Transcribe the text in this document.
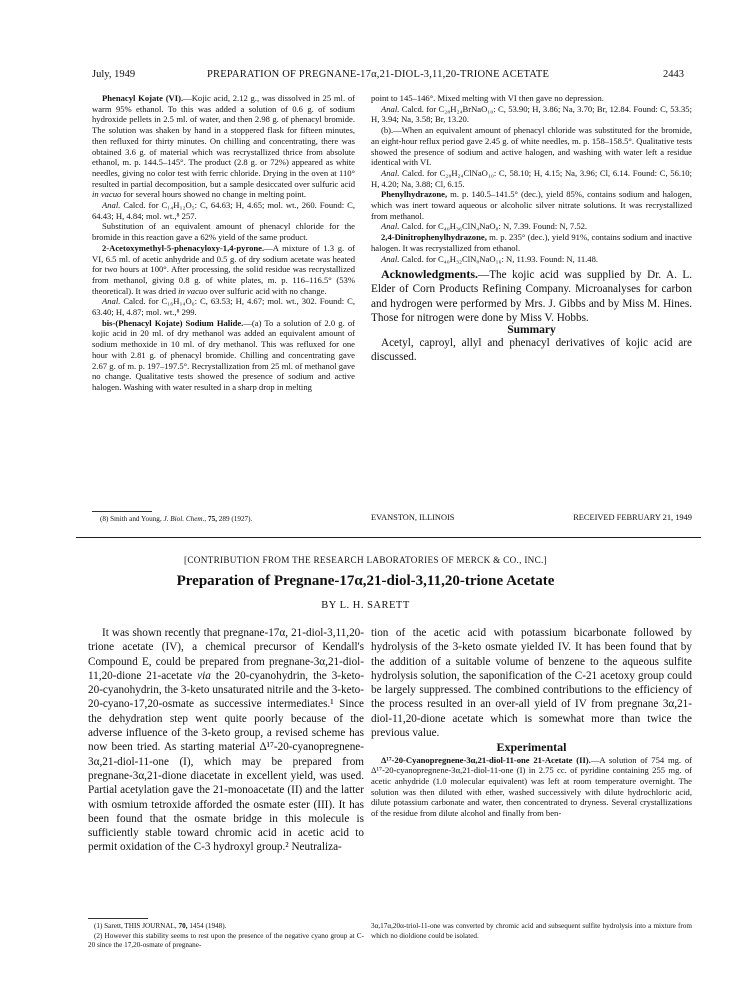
July, 1949	PREPARATION OF PREGNANE-17α,21-DIOL-3,11,20-TRIONE ACETATE	2443

Phenacyl Kojate (VI).—Kojic acid, 2.12 g., was dissolved in 25 ml. of warm 95% ethanol. To this was added a solution of 0.6 g. of sodium hydroxide pellets in 2.5 ml. of water, and then 2.98 g. of phenacyl bromide. The solution was shaken by hand in a stoppered flask for fifteen minutes, then refluxed for thirty minutes. On chilling and concentrating, there was obtained 3.6 g. of material which was recrystallized thrice from absolute ethanol, m. p. 144.5–145°. The product (2.8 g. or 72%) appeared as white needles, giving no color test with ferric chloride. Drying in the oven at 110° resulted in partial decomposition, but a sample desiccated over sulfuric acid in vacuo for several hours showed no change in melting point.

Anal. Calcd. for C₁₄H₁₂O₅: C, 64.63; H, 4.65; mol. wt., 260. Found: C, 64.43; H, 4.84; mol. wt.,⁸ 257.

Substitution of an equivalent amount of phenacyl chloride for the bromide in this reaction gave a 62% yield of the same product.

2-Acetoxymethyl-5-phenacyloxy-1,4-pyrone.—A mixture of 1.3 g. of VI, 6.5 ml. of acetic anhydride and 0.5 g. of dry sodium acetate was heated for two hours at 100°. After processing, the solid residue was recrystallized from methanol, giving 0.8 g. of white plates, m. p. 116–116.5° (53% theoretical). It was dried in vacuo over sulfuric acid with no change.

Anal. Calcd. for C₁₆H₁₄O₆: C, 63.53; H, 4.67; mol. wt., 302. Found: C, 63.40; H, 4.87; mol. wt.,⁸ 299.

bis-(Phenacyl Kojate) Sodium Halide.—(a) To a solution of 2.0 g. of kojic acid in 20 ml. of dry methanol was added an equivalent amount of sodium methoxide in 10 ml. of dry methanol. This was refluxed for one hour with 2.81 g. of phenacyl bromide. Chilling and concentrating gave 2.67 g. of m. p. 197–197.5°. Recrystallization from 25 ml. of methanol gave no change. Qualitative tests showed the presence of sodium and active halogen. Washing with water resulted in a sharp drop in melting

point to 145–146°. Mixed melting with VI then gave no depression.

Anal. Calcd. for C₂₈H₂₄BrNaO₁₀: C, 53.90; H, 3.86; Na, 3.70; Br, 12.84. Found: C, 53.35; H, 3.94; Na, 3.58; Br, 13.20.

(b).—When an equivalent amount of phenacyl chloride was substituted for the bromide, an eight-hour reflux period gave 2.45 g. of white needles, m. p. 158–158.5°. Qualitative tests showed the presence of sodium and active halogen, and washing with water left a residue identical with VI.

Anal. Calcd. for C₂₈H₂₄ClNaO₁₀: C, 58.10; H, 4.15; Na, 3.96; Cl, 6.14. Found: C, 56.10; H, 4.20; Na, 3.88; Cl, 6.15.

Phenylhydrazone, m. p. 140.5–141.5° (dec.), yield 85%, contains sodium and halogen, which was inert toward aqueous or alcoholic silver nitrate solutions. It was recrystallized from methanol.

Anal. Calcd. for C₄₀H₃₆ClN₄NaO₈: N, 7.39. Found: N, 7.52.

2,4-Dinitrophenylhydrazone, m. p. 235° (dec.), yield 91%, contains sodium and inactive halogen. It was recrystallized from ethanol.

Anal. Calcd. for C₄₀H₃₂ClN₈NaO₁₆: N, 11.93. Found: N, 11.48.

Acknowledgments.—The kojic acid was supplied by Dr. A. L. Elder of Corn Products Refining Company. Microanalyses for carbon and hydrogen were performed by Mrs. J. Gibbs and by Miss M. Hines. Those for nitrogen were done by Miss V. Hobbs.

Summary

Acetyl, caproyl, allyl and phenacyl derivatives of kojic acid are discussed.

(8) Smith and Young, J. Biol. Chem., 75, 289 (1927).	EVANSTON, ILLINOIS	RECEIVED FEBRUARY 21, 1949
[CONTRIBUTION FROM THE RESEARCH LABORATORIES OF MERCK & CO., INC.]
Preparation of Pregnane-17α,21-diol-3,11,20-trione Acetate
BY L. H. SARETT

It was shown recently that pregnane-17α, 21-diol-3,11,20-trione acetate (IV), a chemical precursor of Kendall's Compound E, could be prepared from pregnane-3α,21-diol-11,20-dione 21-acetate via the 20-cyanohydrin, the 3-keto-20-cyanohydrin, the 3-keto unsaturated nitrile and the 3-keto-20-cyano-17,20-osmate as successive intermediates.¹ Since the dehydration step went quite poorly because of the adverse influence of the 3-keto group, a revised scheme has now been tried. As starting material Δ¹⁷-20-cyanopregnene-3α,21-diol-11-one (I), which may be prepared from pregnane-3α,21-dione diacetate in excellent yield, was used. Partial acetylation gave the 21-monoacetate (II) and the latter with osmium tetroxide afforded the osmate ester (III). It has been found that the osmate bridge in this molecule is sufficiently stable toward chromic acid in acetic acid to permit oxidation of the C-3 hydroxyl group.² Neutraliza-

tion of the acetic acid with potassium bicarbonate followed by hydrolysis of the 3-keto osmate yielded IV. It has been found that by the addition of a suitable volume of benzene to the aqueous sulfite hydrolysis solution, the saponification of the C-21 acetoxy group could be largely suppressed. The combined contributions to the efficiency of the process resulted in an over-all yield of IV from pregnane 3α,21-diol-11,20-dione acetate which is somewhat more than twice the previous value.

Experimental

Δ¹⁷-20-Cyanopregnene-3α,21-diol-11-one 21-Acetate (II).—A solution of 754 mg. of Δ¹⁷-20-cyanopregnene-3α,21-diol-11-one (I) in 2.75 cc. of pyridine containing 255 mg. of acetic anhydride (1.0 molecular equivalent) was left at room temperature overnight. The solution was then diluted with ether, washed successively with dilute hydrochloric acid, dilute potassium carbonate and water, then concentrated to dryness. Several crystallizations of the residue from dilute alcohol and finally from ben-

(1) Sarett, THIS JOURNAL, 70, 1454 (1948).

(2) However this stability seems to rest upon the presence of the negative cyano group at C-20 since the 17,20-osmate of pregnane-

3α,17α,20α-triol-11-one was converted by chromic acid and subsequent sulfite hydrolysis into a mixture from which no dioldione could be isolated.
